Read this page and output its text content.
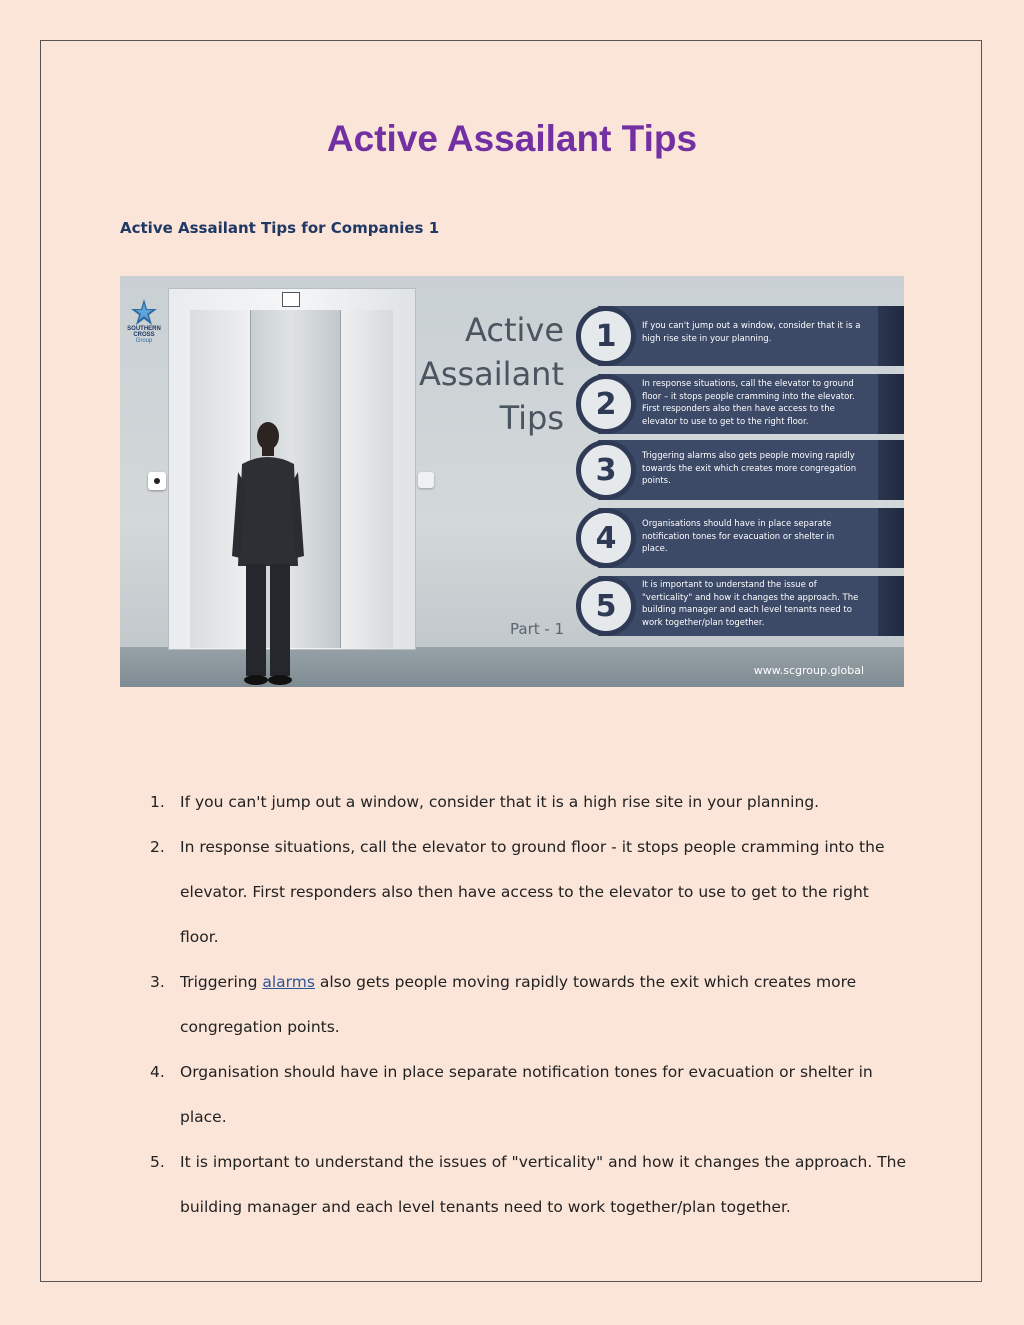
Active Assailant Tips
Active Assailant Tips for Companies 1
SOUTHERN
CROSS
Group	Active
Assailant
Tips
1	If you can't jump out a window, consider that it is a high rise site in your planning.
2
In response situations, call the elevator to ground floor – it stops people cramming into the elevator. First responders also then have access to the elevator to use to get to the right floor.
3	Triggering alarms also gets people moving rapidly towards the exit which creates more congregation points.
4	Organisations should have in place separate notification tones for evacuation or shelter in place.
5
It is important to understand the issue of "verticality" and how it changes the approach. The building manager and each level tenants need to work together/plan together.
Part - 1
www.scgroup.global
1. If you can't jump out a window, consider that it is a high rise site in your planning.
2. In response situations, call the elevator to ground floor - it stops people cramming into the elevator. First responders also then have access to the elevator to use to get to the right floor.
3. Triggering alarms also gets people moving rapidly towards the exit which creates more congregation points.
4. Organisation should have in place separate notification tones for evacuation or shelter in place.
5. It is important to understand the issues of "verticality" and how it changes the approach. The building manager and each level tenants need to work together/plan together.
